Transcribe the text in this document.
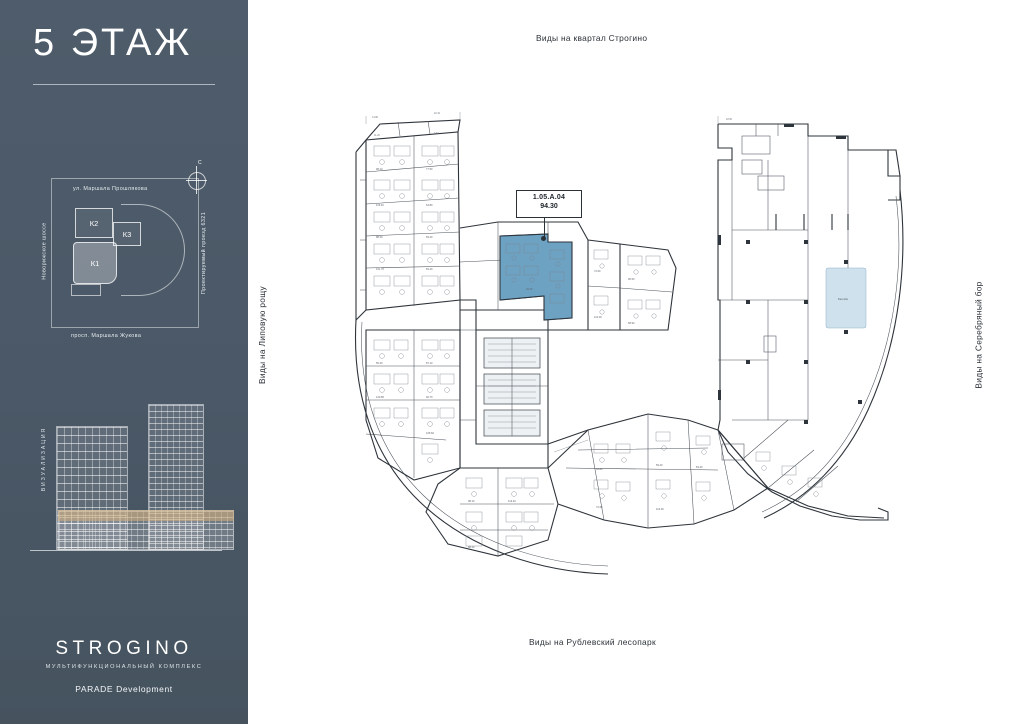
5 ЭТАЖ
ул. Маршала Прошлякова
просп. Маршала Жукова
Новорижское шоссе	Проектируемый проезд 6321
К2
К3
К1
С
ВИЗУАЛИЗАЦИЯ
STROGINO
МУЛЬТИФУНКЦИОНАЛЬНЫЙ КОМПЛЕКС
PARADE Development
Виды на квартал Строгино
Виды на Рублевский лесопарк
Виды на Липовую рощу	Виды на Серебряный бор
1.05.A.04
94.30
Бассейн
98.10
116.40
88.20
101.70
77.50
64.80
59.20
83.40
11.20
9.40
94.30
72.60
110.30
96.50
68.90
55.40
120.80
87.10
92.70
105.60
98.10	116.40
88.20
64.80
59.20
83.40
72.60
110.30
14.80
22.10
18.60
